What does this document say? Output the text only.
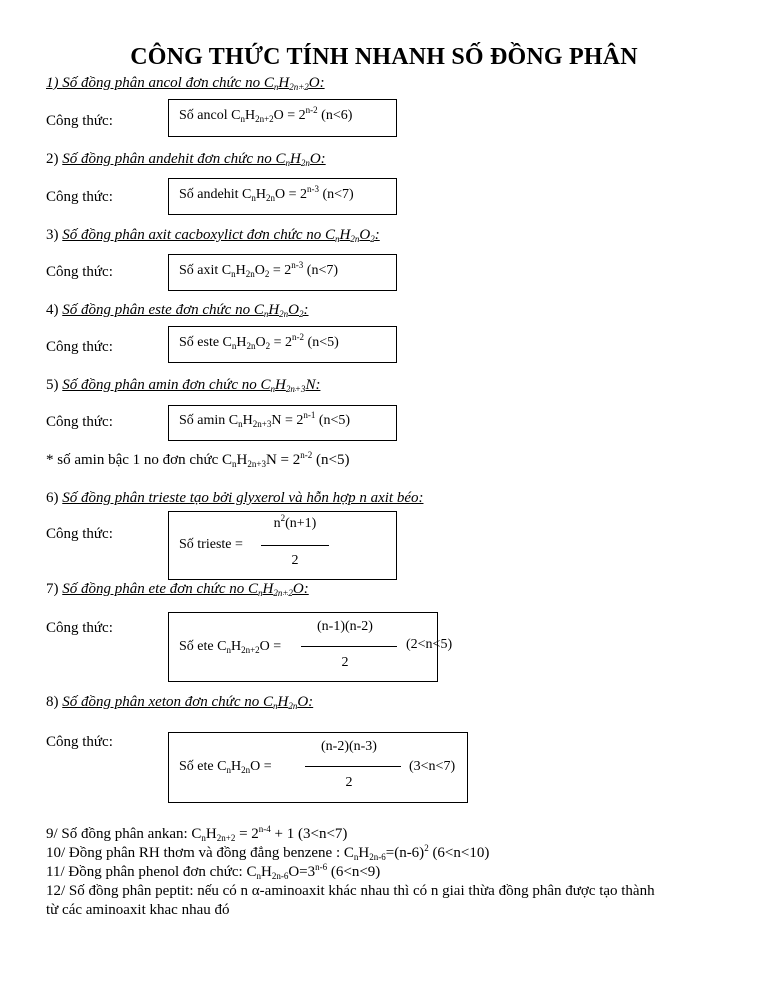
CÔNG THỨC TÍNH NHANH SỐ ĐỒNG PHÂN
1) Số đồng phân ancol đơn chức no $C_nH_{2n+2}O$:
Công thức:	Số ancol $C_nH_{2n+2}O = 2^{n-2}$ (n<6)
2) Số đồng phân andehit đơn chức no $C_nH_{2n}O$:
Công thức:	Số andehit $C_nH_{2n}O = 2^{n-3}$ (n<7)
3) Số đồng phân axit cacboxylict đơn chức no $C_nH_{2n}O_2$:
Công thức:	Số axit $C_nH_{2n}O_2 = 2^{n-3}$ (n<7)
4) Số đồng phân este đơn chức no $C_nH_{2n}O_2$:
Công thức:	Số este $C_nH_{2n}O_2 = 2^{n-2}$ (n<5)
5) Số đồng phân amin đơn chức no $C_nH_{2n+3}N$:
Công thức:	Số amin $C_nH_{2n+3}N = 2^{n-1}$ (n<5)
* số amin bậc 1 no đơn chức $C_nH_{2n+3}N = 2^{n-2}$ (n<5)
6) Số đồng phân trieste tạo bởi glyxerol và hỗn hợp n axit béo:
Công thức:
Số trieste =
$n^2(n+1)$
2
7) Số đồng phân ete đơn chức no $C_nH_{2n+2}O$:
Công thức:
Số ete $C_nH_{2n+2}O$ =
(n-1)(n-2)
2
(2<n<5)
8) Số đồng phân xeton đơn chức no $C_nH_{2n}O$:
Công thức:
Số ete $C_nH_{2n}O$ =
(n-2)(n-3)
2
(3<n<7)
9/ Số đồng phân ankan: $C_nH_{2n+2} = 2^{n-4} + 1$ (3<n<7)
10/ Đồng phân RH thơm và đồng đẳng benzene : $C_nH_{2n-6}=(n-6)^2$ (6<n<10)
11/ Đồng phân phenol đơn chức: $C_nH_{2n-6}O=3^{n-6}$ (6<n<9)
12/ Số đồng phân peptit: nếu có n α-aminoaxit khác nhau thì có n giai thừa đồng phân được tạo thành
từ các aminoaxit khac nhau đó
